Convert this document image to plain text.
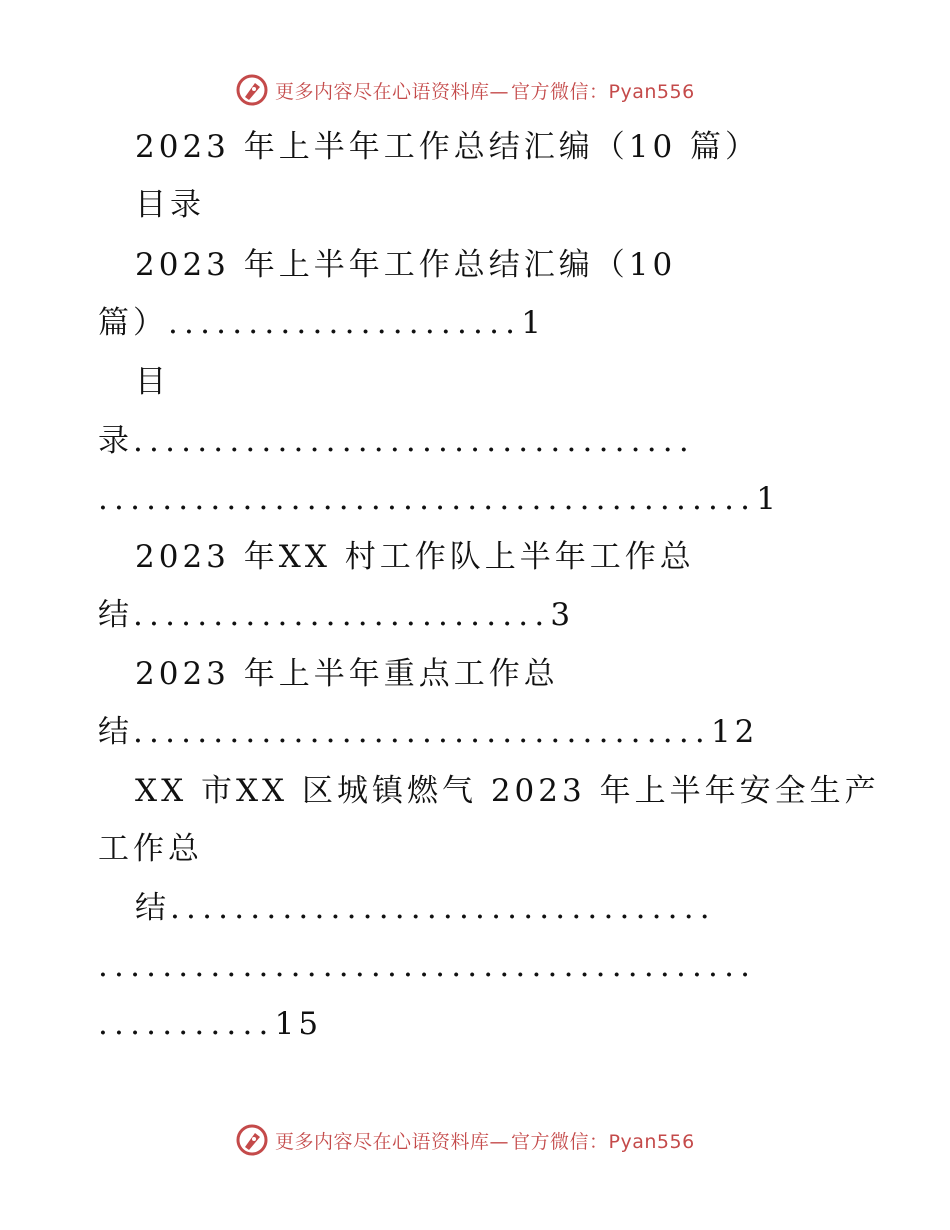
更多内容尽在心语资料库— 官方微信：Pyan556
2023 年上半年工作总结汇编（10 篇）
目录
2023 年上半年工作总结汇编（10
篇）......................1
目
录...................................
.........................................1
2023 年XX 村工作队上半年工作总
结..........................3
2023 年上半年重点工作总
结....................................12
XX 市XX 区城镇燃气 2023 年上半年安全生产
工作总
结..................................
.........................................
...........15
更多内容尽在心语资料库— 官方微信：Pyan556
